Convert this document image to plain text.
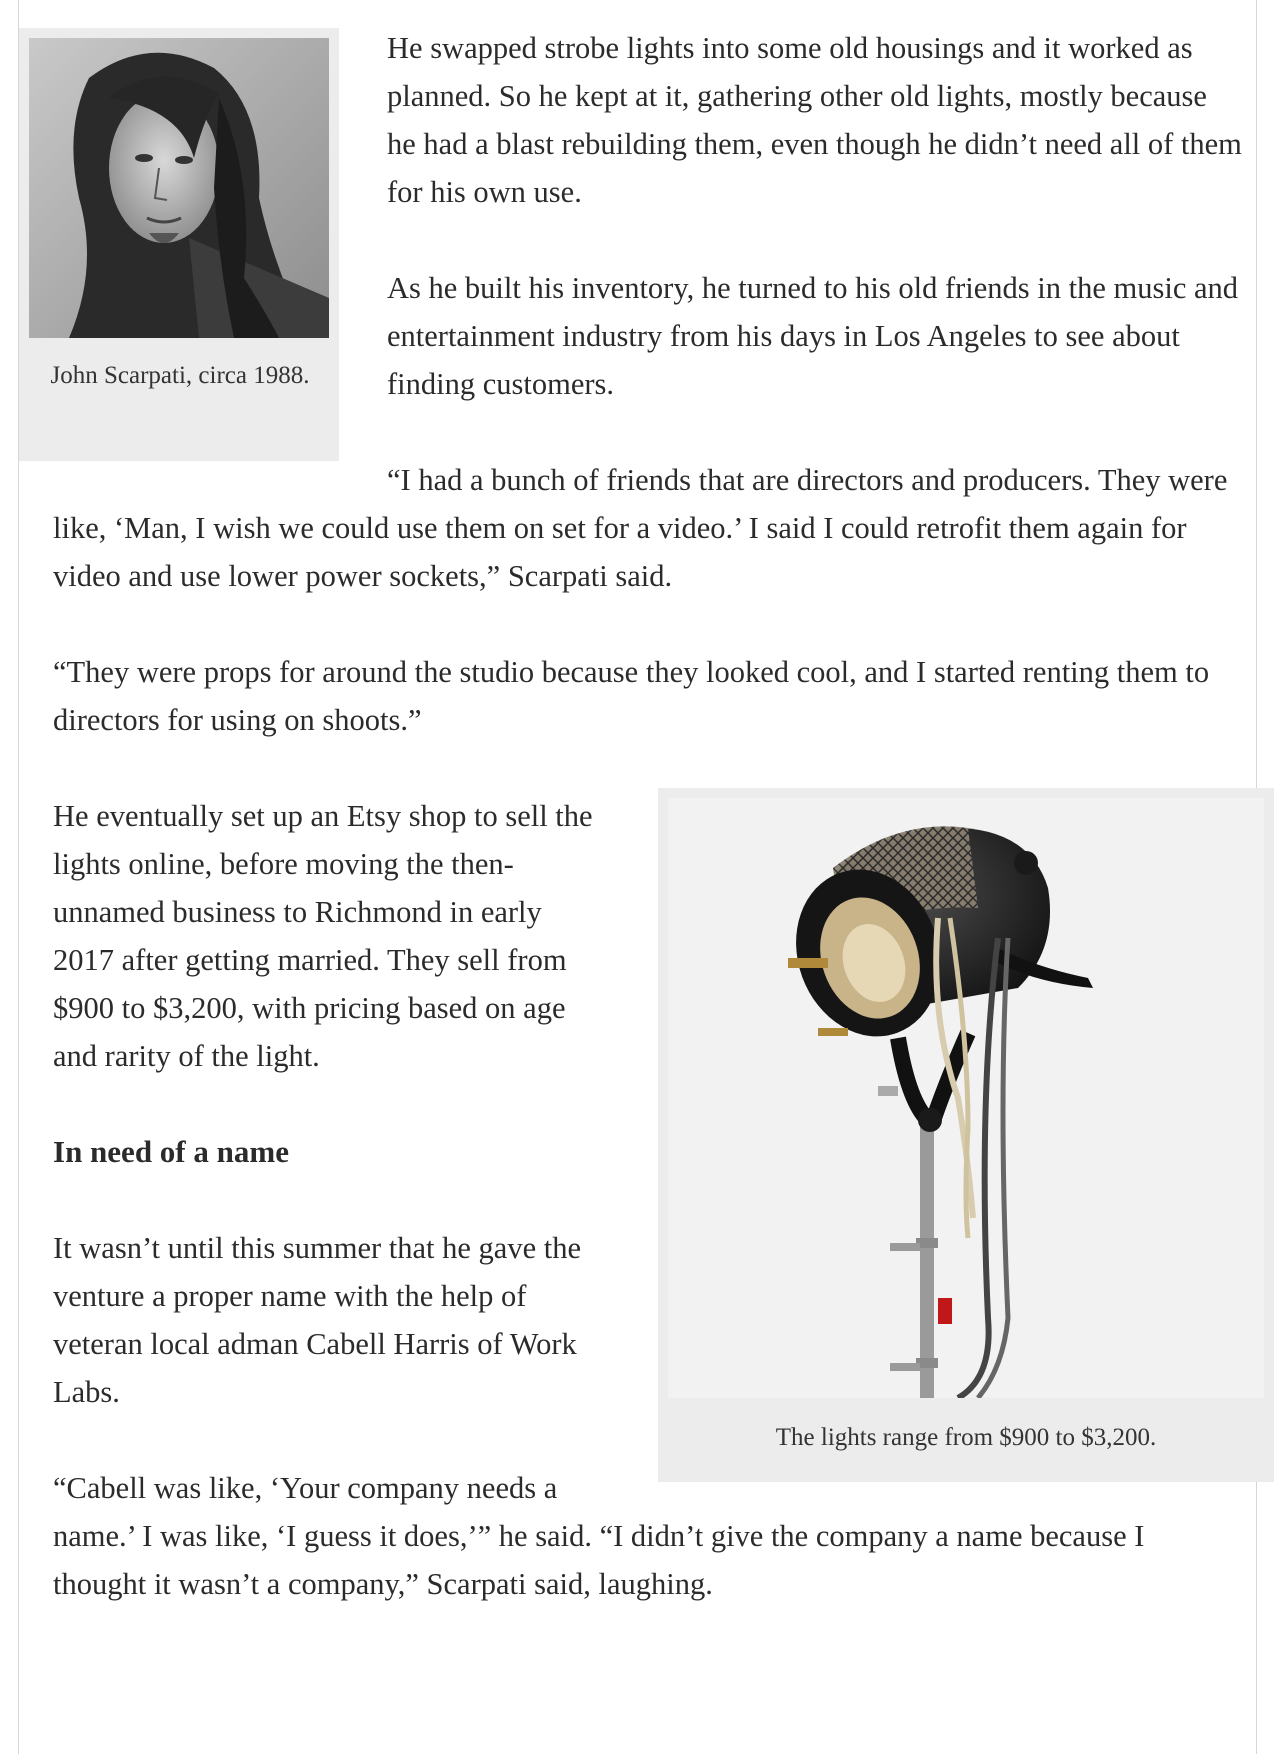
John Scarpati, circa 1988.

He swapped strobe lights into some old housings and it worked as planned. So he kept at it, gathering other old lights, mostly because he had a blast rebuilding them, even though he didn’t need all of them for his own use.

As he built his inventory, he turned to his old friends in the music and entertainment industry from his days in Los Angeles to see about finding customers.

“I had a bunch of friends that are directors and producers. They were like, ‘Man, I wish we could use them on set for a video.’ I said I could retrofit them again for video and use lower power sockets,” Scarpati said.

“They were props for around the studio because they looked cool, and I started renting them to directors for using on shoots.”

The lights range from $900 to $3,200.

He eventually set up an Etsy shop to sell the lights online, before moving the then-unnamed business to Richmond in early 2017 after getting married. They sell from $900 to $3,200, with pricing based on age and rarity of the light.

In need of a name

It wasn’t until this summer that he gave the venture a proper name with the help of veteran local adman Cabell Harris of Work Labs.

“Cabell was like, ‘Your company needs a name.’ I was like, ‘I guess it does,’” he said. “I didn’t give the company a name because I thought it wasn’t a company,” Scarpati said, laughing.
